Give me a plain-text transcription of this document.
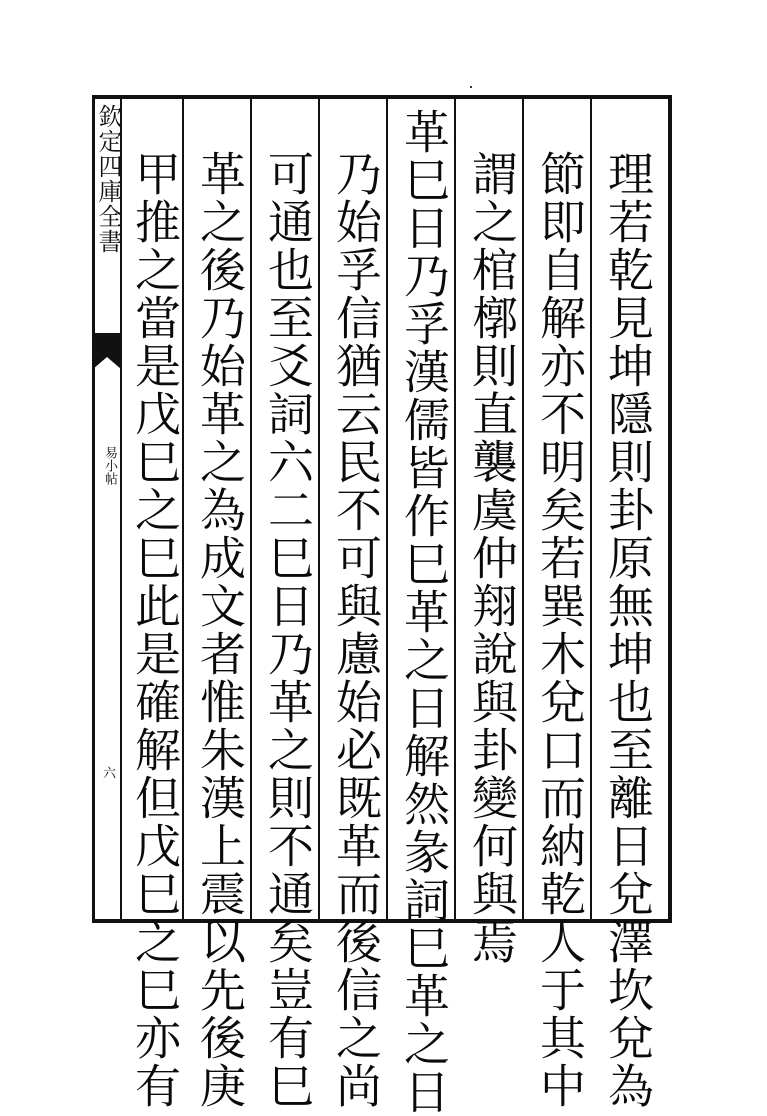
欽定四庫全書
易小帖
六	理若乾見坤隱則卦原無坤也至離日兌澤坎兌為
節即自解亦不明矣若巽木兌口而納乾人于其中
謂之棺槨則直襲虞仲翔說與卦變何與焉
革巳日乃孚漢儒皆作巳革之日解然彖詞巳革之日
乃始孚信猶云民不可與慮始必既革而後信之尚
可通也至爻詞六二巳日乃革之則不通矣豈有巳
革之後乃始革之為成文者惟朱漢上震以先後庚
甲推之當是戊巳之巳此是確解但戊巳之巳亦有
